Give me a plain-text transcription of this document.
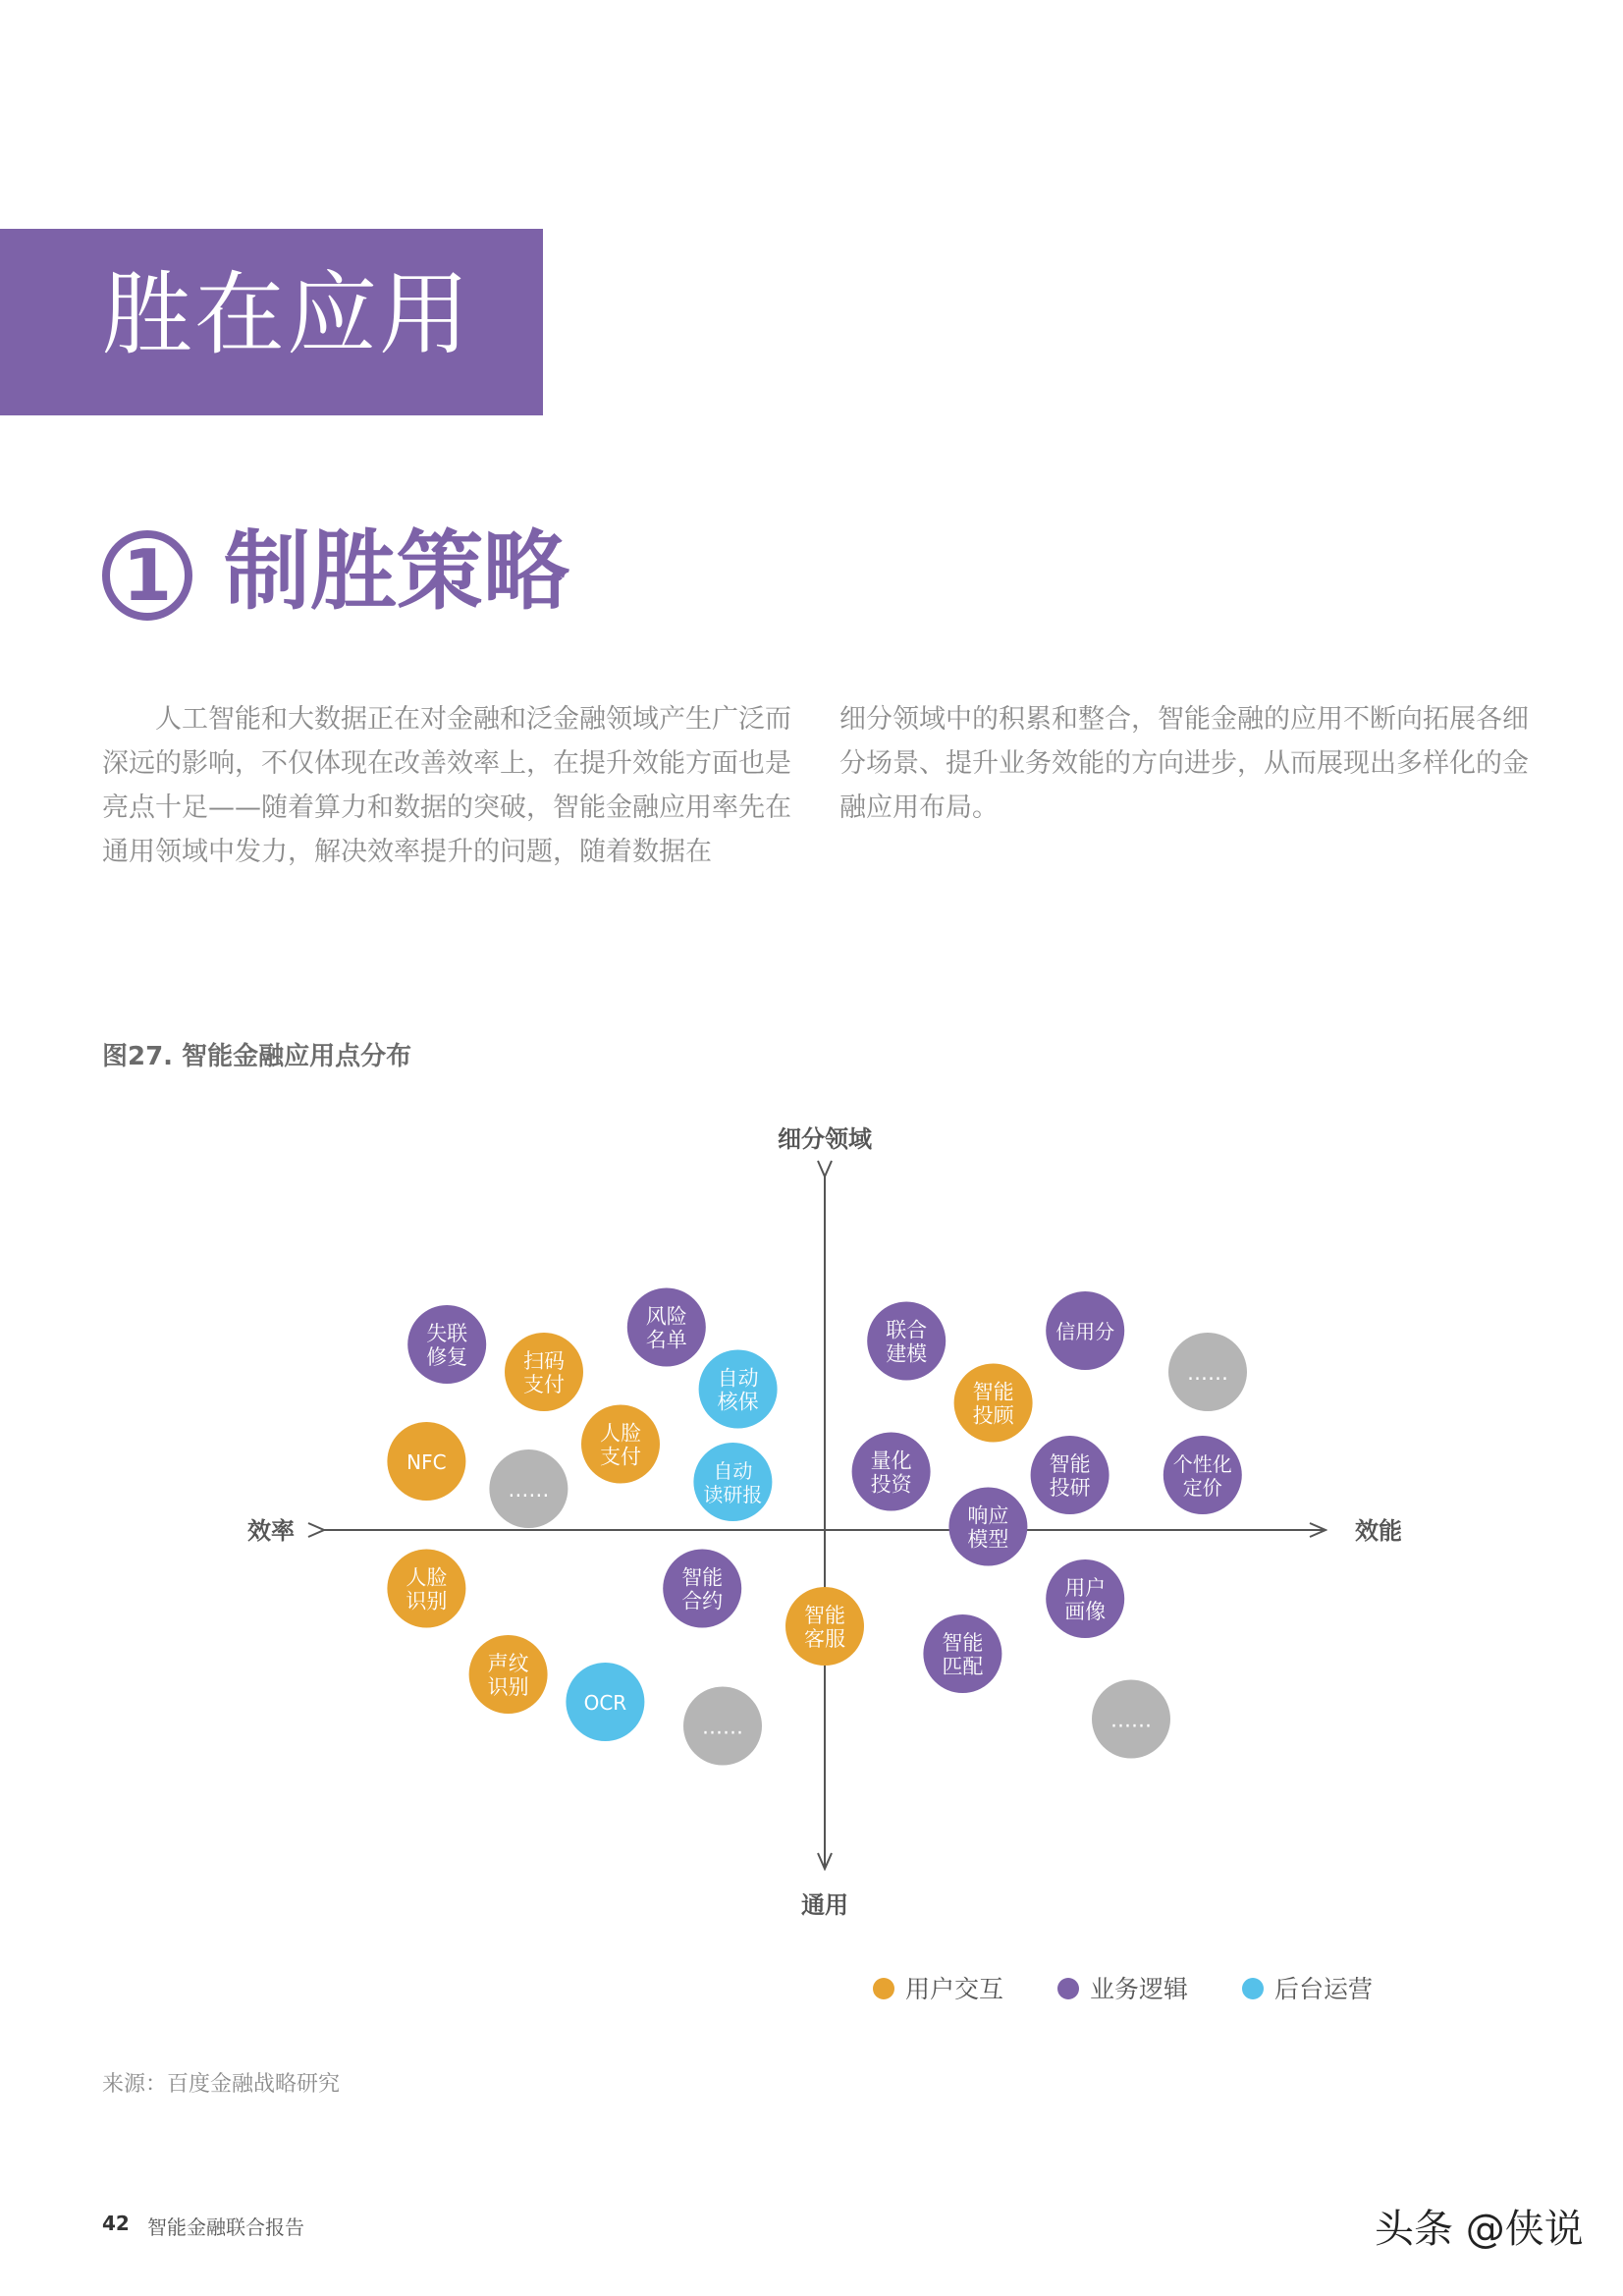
胜在应用
1 制胜策略

人工智能和大数据正在对金融和泛金融领域产生广泛而深远的影响，不仅体现在改善效率上，在提升效能方面也是亮点十足——随着算力和数据的突破，智能金融应用率先在通用领域中发力，解决效率提升的问题，随着数据在

细分领域中的积累和整合，智能金融的应用不断向拓展各细分场景、提升业务效能的方向进步，从而展现出多样化的金融应用布局。

图27. 智能金融应用点分布
细分领域
通用
效率	效能
失联
修复	扫码
支付
风险
名单
自动
核保
人脸
支付
NFC
……
自动
读研报
联合
建模
信用分
……
智能
投顾
量化
投资
智能
投研
个性化
定价
响应
模型
人脸
识别
智能
合约
智能
客服
用户
画像
智能
匹配
声纹
识别
OCR
……	……
用户交互	业务逻辑	后台运营
来源：百度金融战略研究
42 智能金融联合报告	头条 @侠说
